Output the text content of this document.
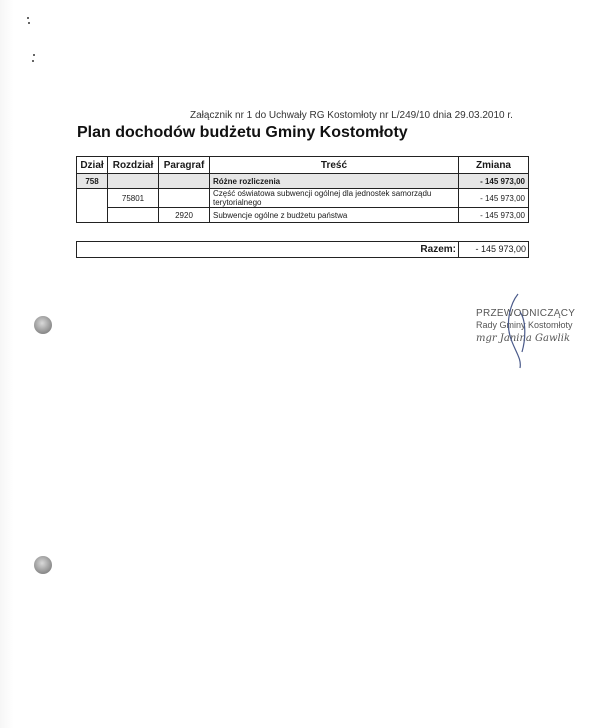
Załącznik nr 1 do Uchwały RG Kostomłoty nr L/249/10 dnia 29.03.2010 r.
Plan dochodów budżetu Gminy Kostomłoty
Dział	Rozdział	Paragraf	Treść	Zmiana
758			Różne rozliczenia	- 145 973,00
	75801		Część oświatowa subwencji ogólnej dla jednostek samorządu terytorialnego	- 145 973,00
		2920	Subwencje ogólne z budżetu państwa	- 145 973,00
Razem:	- 145 973,00
PRZEWODNICZĄCY
Rady Gminy Kostomłoty
mgr Janina Gawlik
